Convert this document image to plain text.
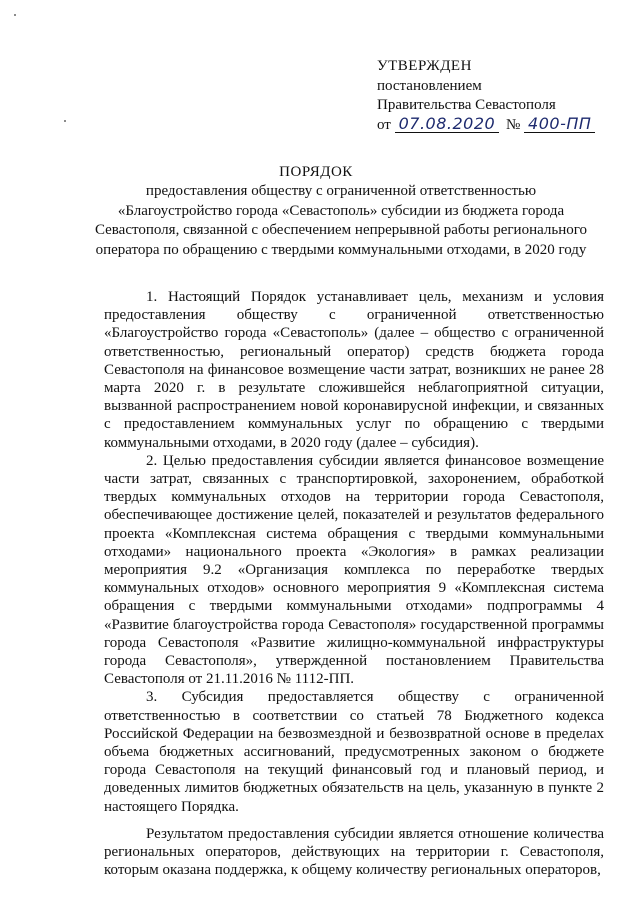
УТВЕРЖДЕН
постановлением
Правительства Севастополя
от 07.08.2020 № 400-ПП
ПОРЯДОК
предоставления обществу с ограниченной ответственностью
«Благоустройство города «Севастополь» субсидии из бюджета города
Севастополя, связанной с обеспечением непрерывной работы регионального
оператора по обращению с твердыми коммунальными отходами, в 2020 году

1. Настоящий Порядок устанавливает цель, механизм и условия предоставления обществу с ограниченной ответственностью «Благоустройство города «Севастополь» (далее – общество с ограниченной ответственностью, региональный оператор) средств бюджета города Севастополя на финансовое возмещение части затрат, возникших не ранее 28 марта 2020 г. в результате сложившейся неблагоприятной ситуации, вызванной распространением новой коронавирусной инфекции, и связанных с предоставлением коммунальных услуг по обращению с твердыми коммунальными отходами, в 2020 году (далее – субсидия).

2. Целью предоставления субсидии является финансовое возмещение части затрат, связанных с транспортировкой, захоронением, обработкой твердых коммунальных отходов на территории города Севастополя, обеспечивающее достижение целей, показателей и результатов федерального проекта «Комплексная система обращения с твердыми коммунальными отходами» национального проекта «Экология» в рамках реализации мероприятия 9.2 «Организация комплекса по переработке твердых коммунальных отходов» основного мероприятия 9 «Комплексная система обращения с твердыми коммунальными отходами» подпрограммы 4 «Развитие благоустройства города Севастополя» государственной программы города Севастополя «Развитие жилищно-коммунальной инфраструктуры города Севастополя», утвержденной постановлением Правительства Севастополя от 21.11.2016 № 1112-ПП.

3. Субсидия предоставляется обществу с ограниченной ответственностью в соответствии со статьей 78 Бюджетного кодекса Российской Федерации на безвозмездной и безвозвратной основе в пределах объема бюджетных ассигнований, предусмотренных законом о бюджете города Севастополя на текущий финансовый год и плановый период, и доведенных лимитов бюджетных обязательств на цель, указанную в пункте 2 настоящего Порядка.

Результатом предоставления субсидии является отношение количества региональных операторов, действующих на территории г. Севастополя, которым оказана поддержка, к общему количеству региональных операторов,
